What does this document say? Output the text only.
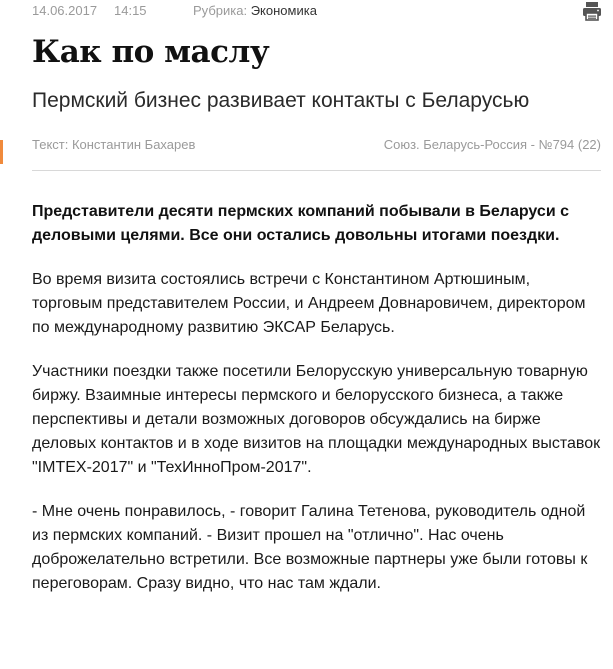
14.06.2017 14:15	Рубрика: Экономика
Как по маслу
Пермский бизнес развивает контакты с Беларусью
Текст: Константин Бахарев	Союз. Беларусь-Россия - №794 (22)

Представители десяти пермских компаний побывали в Беларуси с деловыми целями. Все они остались довольны итогами поездки.

Во время визита состоялись встречи с Константином Артюшиным, торговым представителем России, и Андреем Довнаровичем, директором по международному развитию ЭКСАР Беларусь.

Участники поездки также посетили Белорусскую универсальную товарную биржу. Взаимные интересы пермского и белорусского бизнеса, а также перспективы и детали возможных договоров обсуждались на бирже деловых контактов и в ходе визитов на площадки международных выставок "IMTEX-2017" и "ТехИнноПром-2017".

- Мне очень понравилось, - говорит Галина Тетенова, руководитель одной из пермских компаний. - Визит прошел на "отлично". Нас очень доброжелательно встретили. Все возможные партнеры уже были готовы к переговорам. Сразу видно, что нас там ждали.
